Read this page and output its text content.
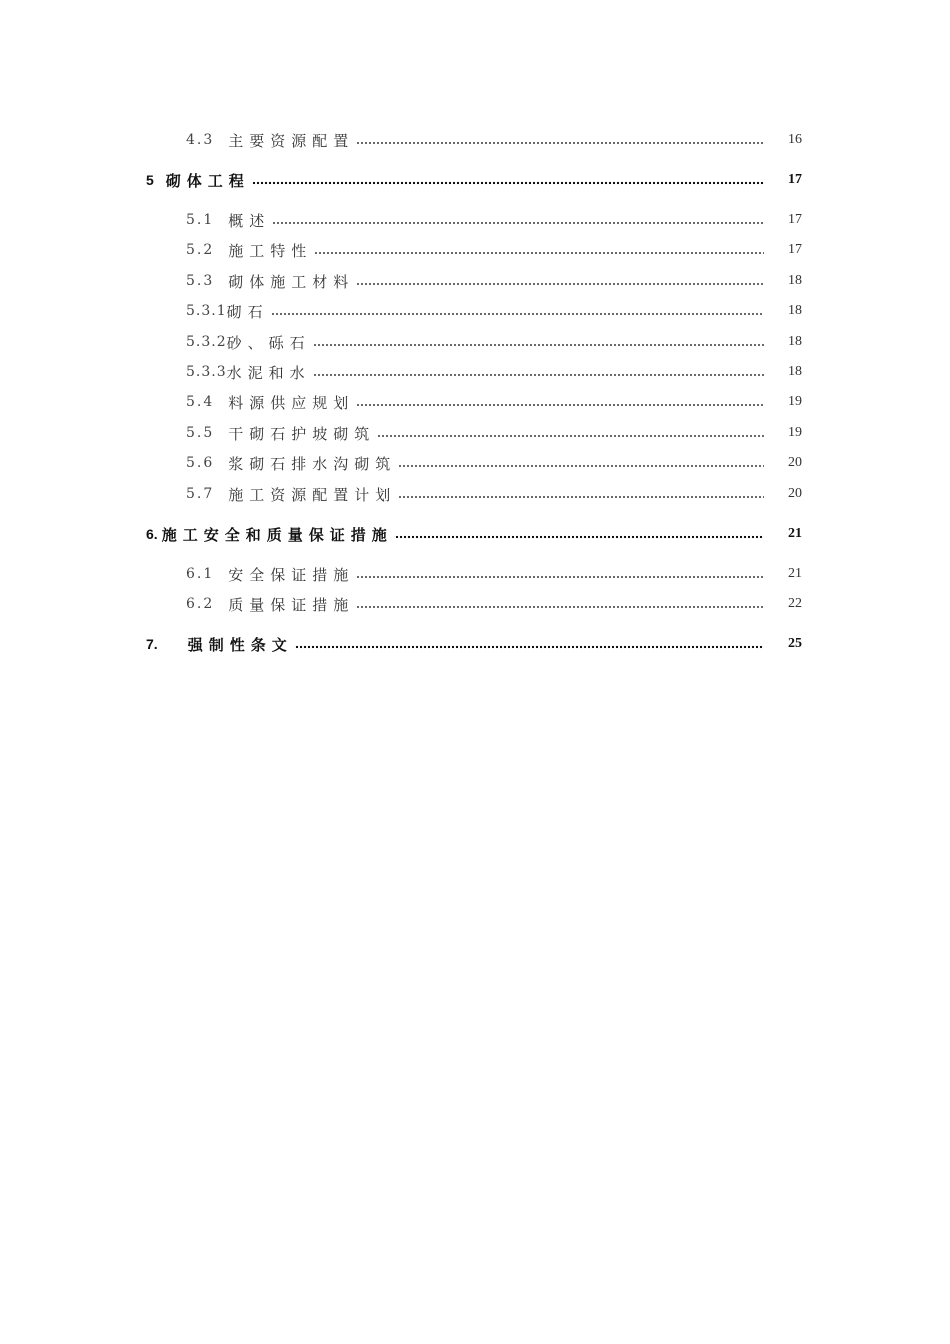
4.3 主要资源配置	16
5 砌体工程	17
5.1 概述	17
5.2 施工特性	17
5.3 砌体施工材料	18
5.3.1 砌石	18
5.3.2 砂、砾石	18
5.3.3 水泥和水	18
5.4 料源供应规划	19
5.5 干砌石护坡砌筑	19
5.6 浆砌石排水沟砌筑	20
5.7 施工资源配置计划	20
6. 施工安全和质量保证措施	21
6.1 安全保证措施	21
6.2 质量保证措施	22
7. 强制性条文	25
